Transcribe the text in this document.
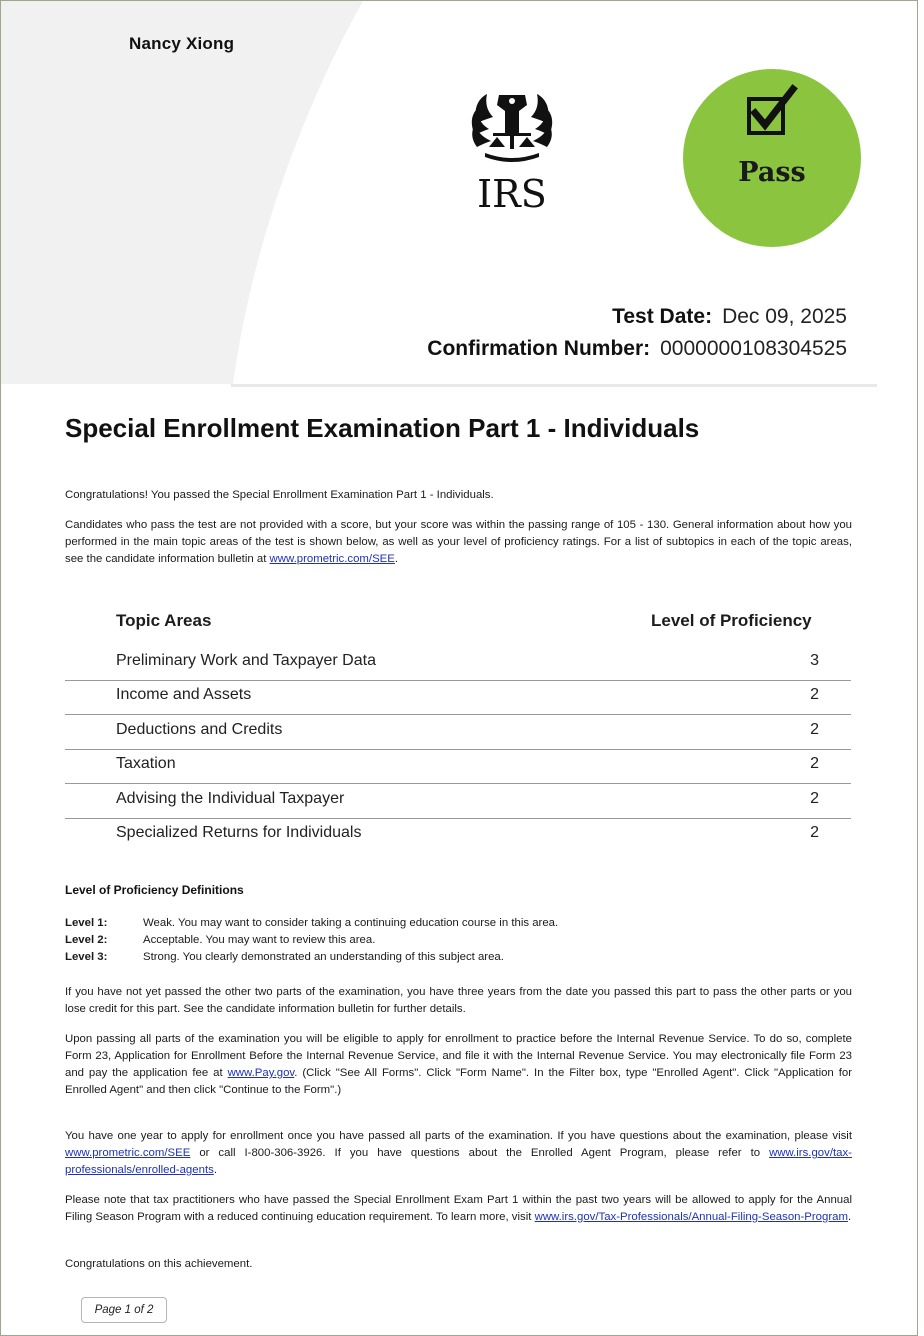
Nancy Xiong
IRS	Pass
Test Date: Dec 09, 2025
Confirmation Number: 0000000108304525
Special Enrollment Examination Part 1 - Individuals
Congratulations! You passed the Special Enrollment Examination Part 1 - Individuals.
Candidates who pass the test are not provided with a score, but your score was within the passing range of 105 - 130. General information about how you performed in the main topic areas of the test is shown below, as well as your level of proficiency ratings. For a list of subtopics in each of the topic areas, see the candidate information bulletin at www.prometric.com/SEE.
Topic Areas	Level of Proficiency
Preliminary Work and Taxpayer Data	3
Income and Assets	2
Deductions and Credits	2
Taxation	2
Advising the Individual Taxpayer	2
Specialized Returns for Individuals	2
Level of Proficiency Definitions
Level 1:	Weak. You may want to consider taking a continuing education course in this area.
Level 2:	Acceptable. You may want to review this area.
Level 3:	Strong. You clearly demonstrated an understanding of this subject area.
If you have not yet passed the other two parts of the examination, you have three years from the date you passed this part to pass the other parts or you lose credit for this part. See the candidate information bulletin for further details.
Upon passing all parts of the examination you will be eligible to apply for enrollment to practice before the Internal Revenue Service. To do so, complete Form 23, Application for Enrollment Before the Internal Revenue Service, and file it with the Internal Revenue Service. You may electronically file Form 23 and pay the application fee at www.Pay.gov. (Click "See All Forms". Click "Form Name". In the Filter box, type "Enrolled Agent". Click "Application for Enrolled Agent" and then click "Continue to the Form".)
You have one year to apply for enrollment once you have passed all parts of the examination. If you have questions about the examination, please visit www.prometric.com/SEE or call I-800-306-3926. If you have questions about the Enrolled Agent Program, please refer to www.irs.gov/tax-professionals/enrolled-agents.
Please note that tax practitioners who have passed the Special Enrollment Exam Part 1 within the past two years will be allowed to apply for the Annual Filing Season Program with a reduced continuing education requirement. To learn more, visit www.irs.gov/Tax-Professionals/Annual-Filing-Season-Program.
Congratulations on this achievement.
Page 1 of 2
